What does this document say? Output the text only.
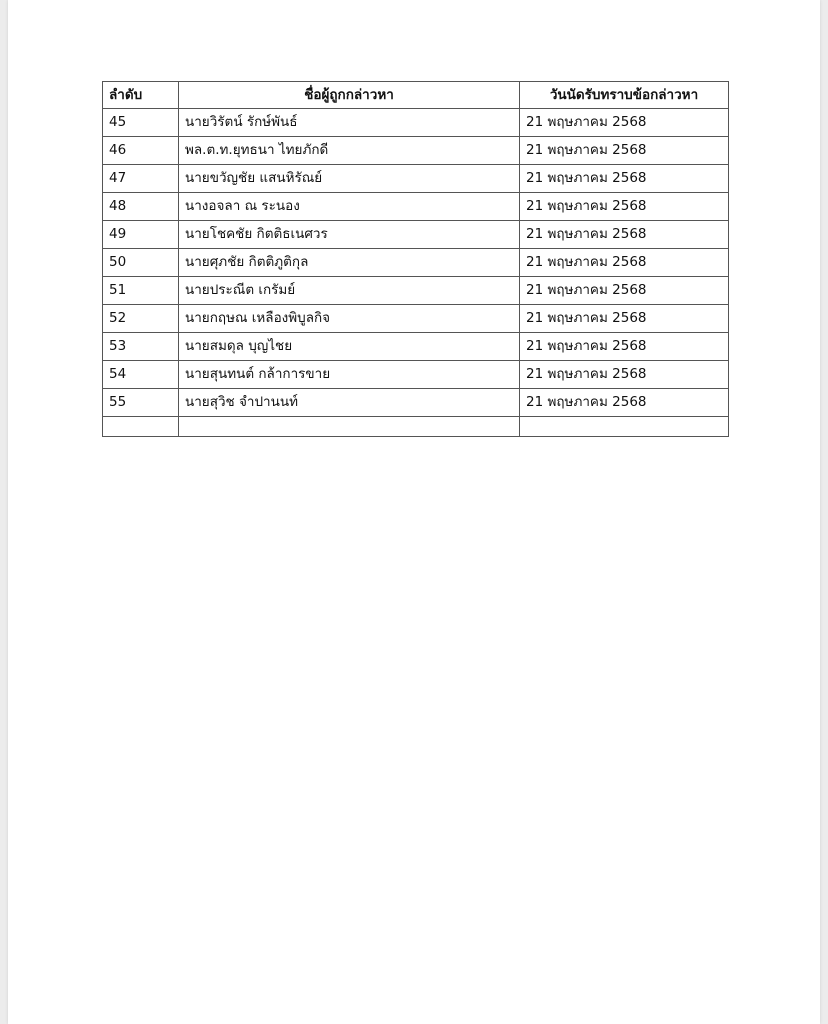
ลำดับ	ชื่อผู้ถูกกล่าวหา	วันนัดรับทราบข้อกล่าวหา
45	นายวิรัตน์ รักษ์พันธ์	21 พฤษภาคม 2568
46	พล.ต.ท.ยุทธนา ไทยภักดี	21 พฤษภาคม 2568
47	นายขวัญชัย แสนหิรัณย์	21 พฤษภาคม 2568
48	นางอจลา ณ ระนอง	21 พฤษภาคม 2568
49	นายโชคชัย กิตติธเนศวร	21 พฤษภาคม 2568
50	นายศุภชัย กิตติภูติกุล	21 พฤษภาคม 2568
51	นายประณีต เกรัมย์	21 พฤษภาคม 2568
52	นายกฤษณ เหลืองพิบูลกิจ	21 พฤษภาคม 2568
53	นายสมดุล บุญไชย	21 พฤษภาคม 2568
54	นายสุนทนต์ กล้าการขาย	21 พฤษภาคม 2568
55	นายสุวิช จำปานนท์	21 พฤษภาคม 2568
